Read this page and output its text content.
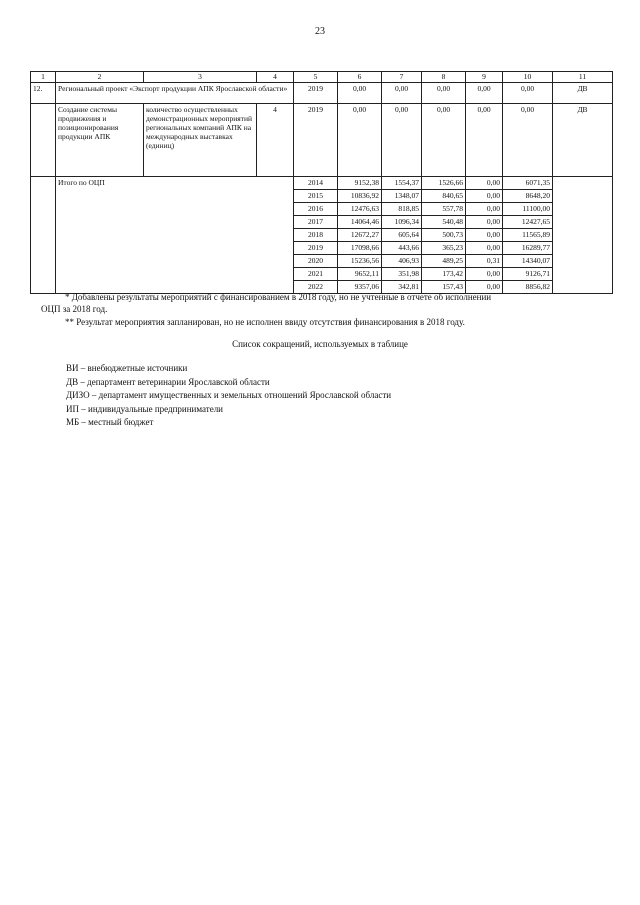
23
1	2	3	4	5	6	7	8	9	10	11
12.	Региональный проект «Экспорт продукции АПК Ярославской области»			2019	0,00	0,00	0,00	0,00	0,00	ДВ
	Создание системы продвижения и позиционирования продукции АПК	количество осуществленных демонстрационных мероприятий региональных компаний АПК на международных выставках (единиц)	4	2019	0,00	0,00	0,00	0,00	0,00	ДВ
	Итого по ОЦП			2014	9152,38	1554,37	1526,66	0,00	6071,35	
				2015	10836,92	1348,07	840,65	0,00	8648,20	
				2016	12476,63	818,85	557,78	0,00	11100,00	
				2017	14064,46	1096,34	540,48	0,00	12427,65	
				2018	12672,27	605,64	500,73	0,00	11565,89	
				2019	17098,66	443,66	365,23	0,00	16289,77	
				2020	15236,56	406,93	489,25	0,31	14340,07	
				2021	9652,11	351,98	173,42	0,00	9126,71	
				2022	9357,06	342,81	157,43	0,00	8856,82	

* Добавлены результаты мероприятий с финансированием в 2018 году, но не учтенные в отчете об исполнении

ОЦП за 2018 год.

** Результат мероприятия запланирован, но не исполнен ввиду отсутствия финансирования в 2018 году.

Список сокращений, используемых в таблице
ВИ – внебюджетные источники
ДВ – департамент ветеринарии Ярославской области
ДИЗО – департамент имущественных и земельных отношений Ярославской области
ИП – индивидуальные предприниматели
МБ – местный бюджет
